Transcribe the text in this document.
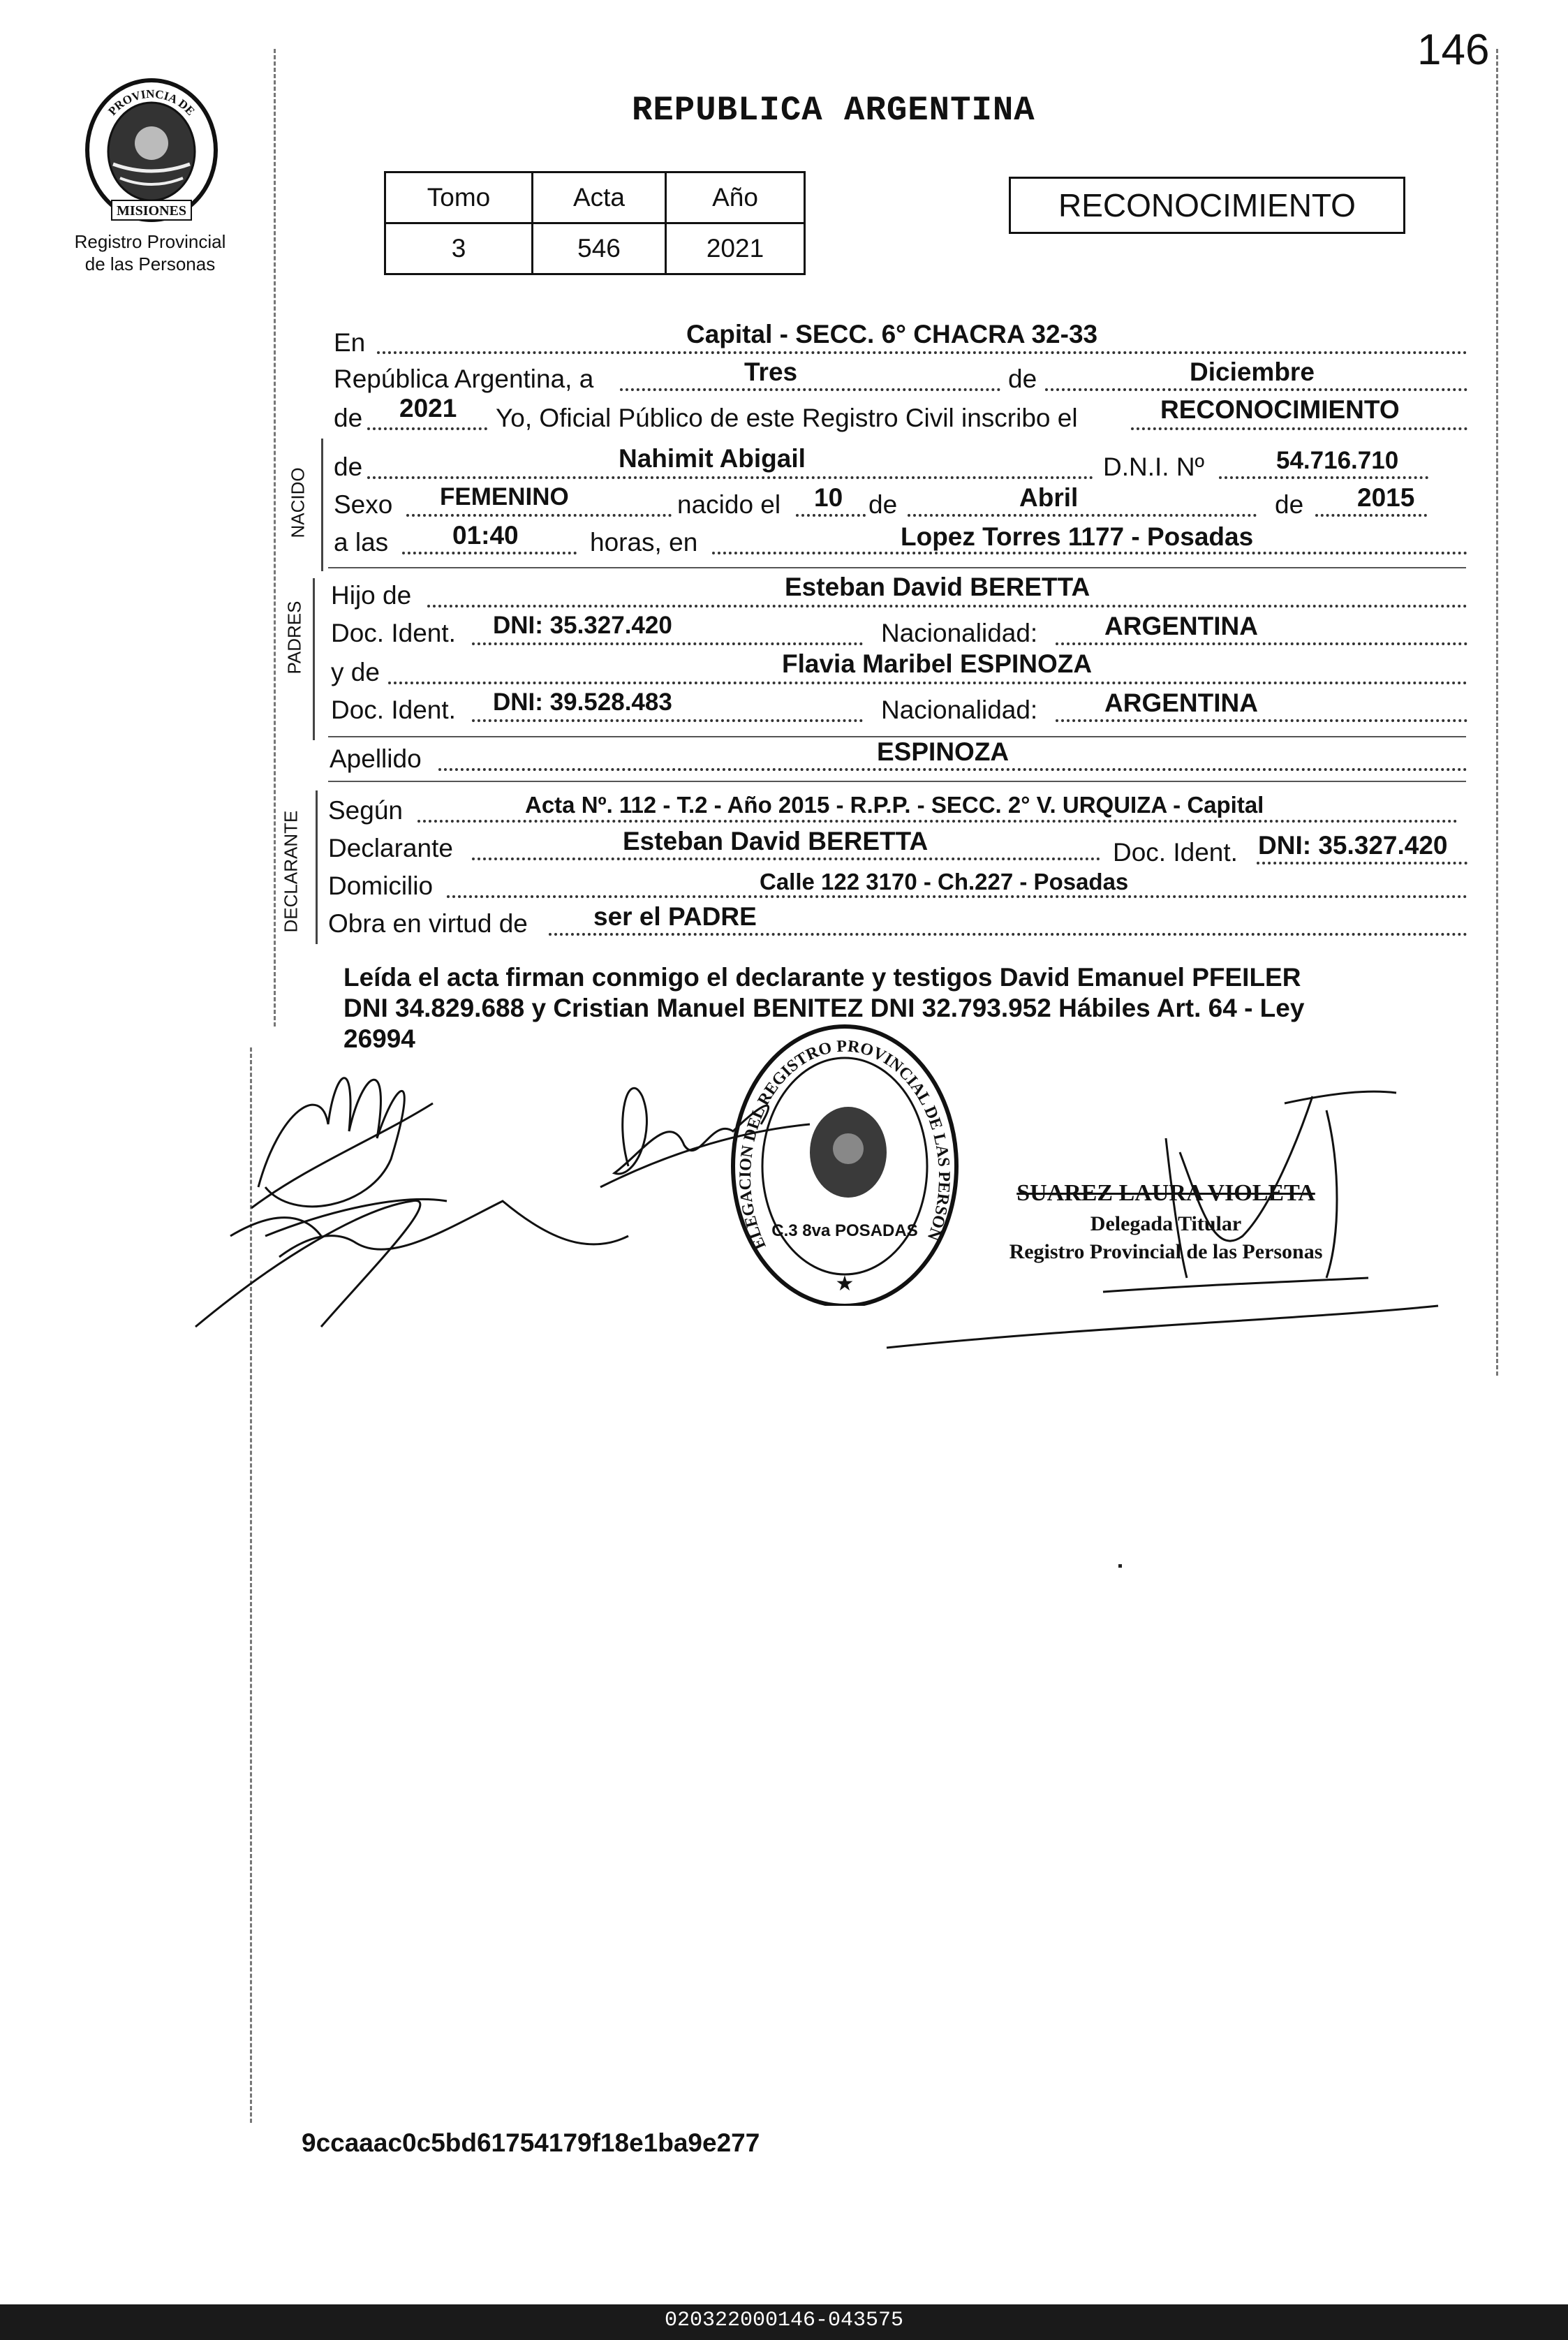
146
PROVINCIA DE
MISIONES
Registro Provincial
de las Personas
REPUBLICA ARGENTINA
Tomo	Acta	Año
3	546	2021
RECONOCIMIENTO
En	Capital - SECC. 6° CHACRA 32-33
República Argentina, a	Tres	de	Diciembre
de 2021 Yo, Oficial Público de este Registro Civil inscribo el	RECONOCIMIENTO
NACIDO
de	Nahimit Abigail	D.N.I. Nº	54.716.710
Sexo FEMENINO	nacido el 10 de	Abril	de 2015
a las 01:40	horas, en	Lopez Torres 1177 - Posadas
PADRES
Hijo de	Esteban David BERETTA
Doc. Ident. DNI: 35.327.420	Nacionalidad:	ARGENTINA
y de	Flavia Maribel ESPINOZA
Doc. Ident. DNI: 39.528.483	Nacionalidad:	ARGENTINA
Apellido	ESPINOZA
DECLARANTE
Según	Acta Nº. 112 - T.2 - Año 2015 - R.P.P. - SECC. 2° V. URQUIZA - Capital
Declarante	Esteban David BERETTA	Doc. Ident. DNI: 35.327.420
Domicilio	Calle 122 3170 - Ch.227 - Posadas
Obra en virtud de	ser el PADRE
Leída el acta firman conmigo el declarante y testigos David Emanuel PFEILER
DNI 34.829.688 y Cristian Manuel BENITEZ DNI 32.793.952 Hábiles Art. 64 - Ley
26994
ELEGACION DEL REGISTRO PROVINCIAL DE LAS PERSON
C.3 8va POSADAS
★
SUAREZ LAURA VIOLETA
Delegada Titular
Registro Provincial de las Personas
9ccaaac0c5bd61754179f18e1ba9e277
020322000146-043575
